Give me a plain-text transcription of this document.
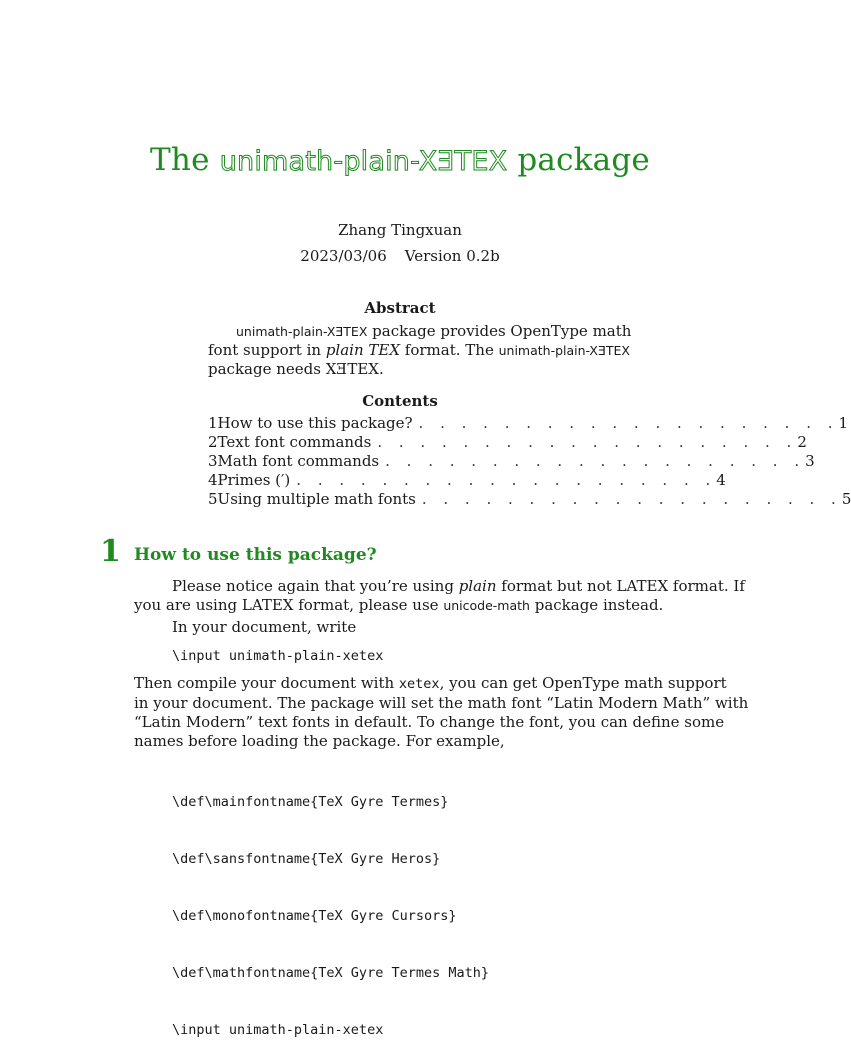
The unimath-plain-XƎTEX package
Zhang Tingxuan
2023/03/06 Version 0.2b
Abstract
unimath-plain-XƎTEX package provides OpenType math
font support in plain TEX format. The unimath-plain-XƎTEX
package needs XƎTEX.
Contents
1 How to use this package? . . . . . . . . . . . . . . . . . . . . 1
2 Text font commands . . . . . . . . . . . . . . . . . . . . 2
3 Math font commands . . . . . . . . . . . . . . . . . . . . 3
4 Primes (′) . . . . . . . . . . . . . . . . . . . . 4
5 Using multiple math fonts . . . . . . . . . . . . . . . . . . . . 5
1 How to use this package?
Please notice again that you’re using plain format but not LATEX format. If
you are using LATEX format, please use unicode-math package instead.
In your document, write
\input unimath-plain-xetex
Then compile your document with xetex, you can get OpenType math support
in your document. The package will set the math font “Latin Modern Math” with
“Latin Modern” text fonts in default. To change the font, you can define some
names before loading the package. For example,

\def\mainfontname{TeX Gyre Termes}

\def\sansfontname{TeX Gyre Heros}

\def\monofontname{TeX Gyre Cursors}

\def\mathfontname{TeX Gyre Termes Math}

\input unimath-plain-xetex
